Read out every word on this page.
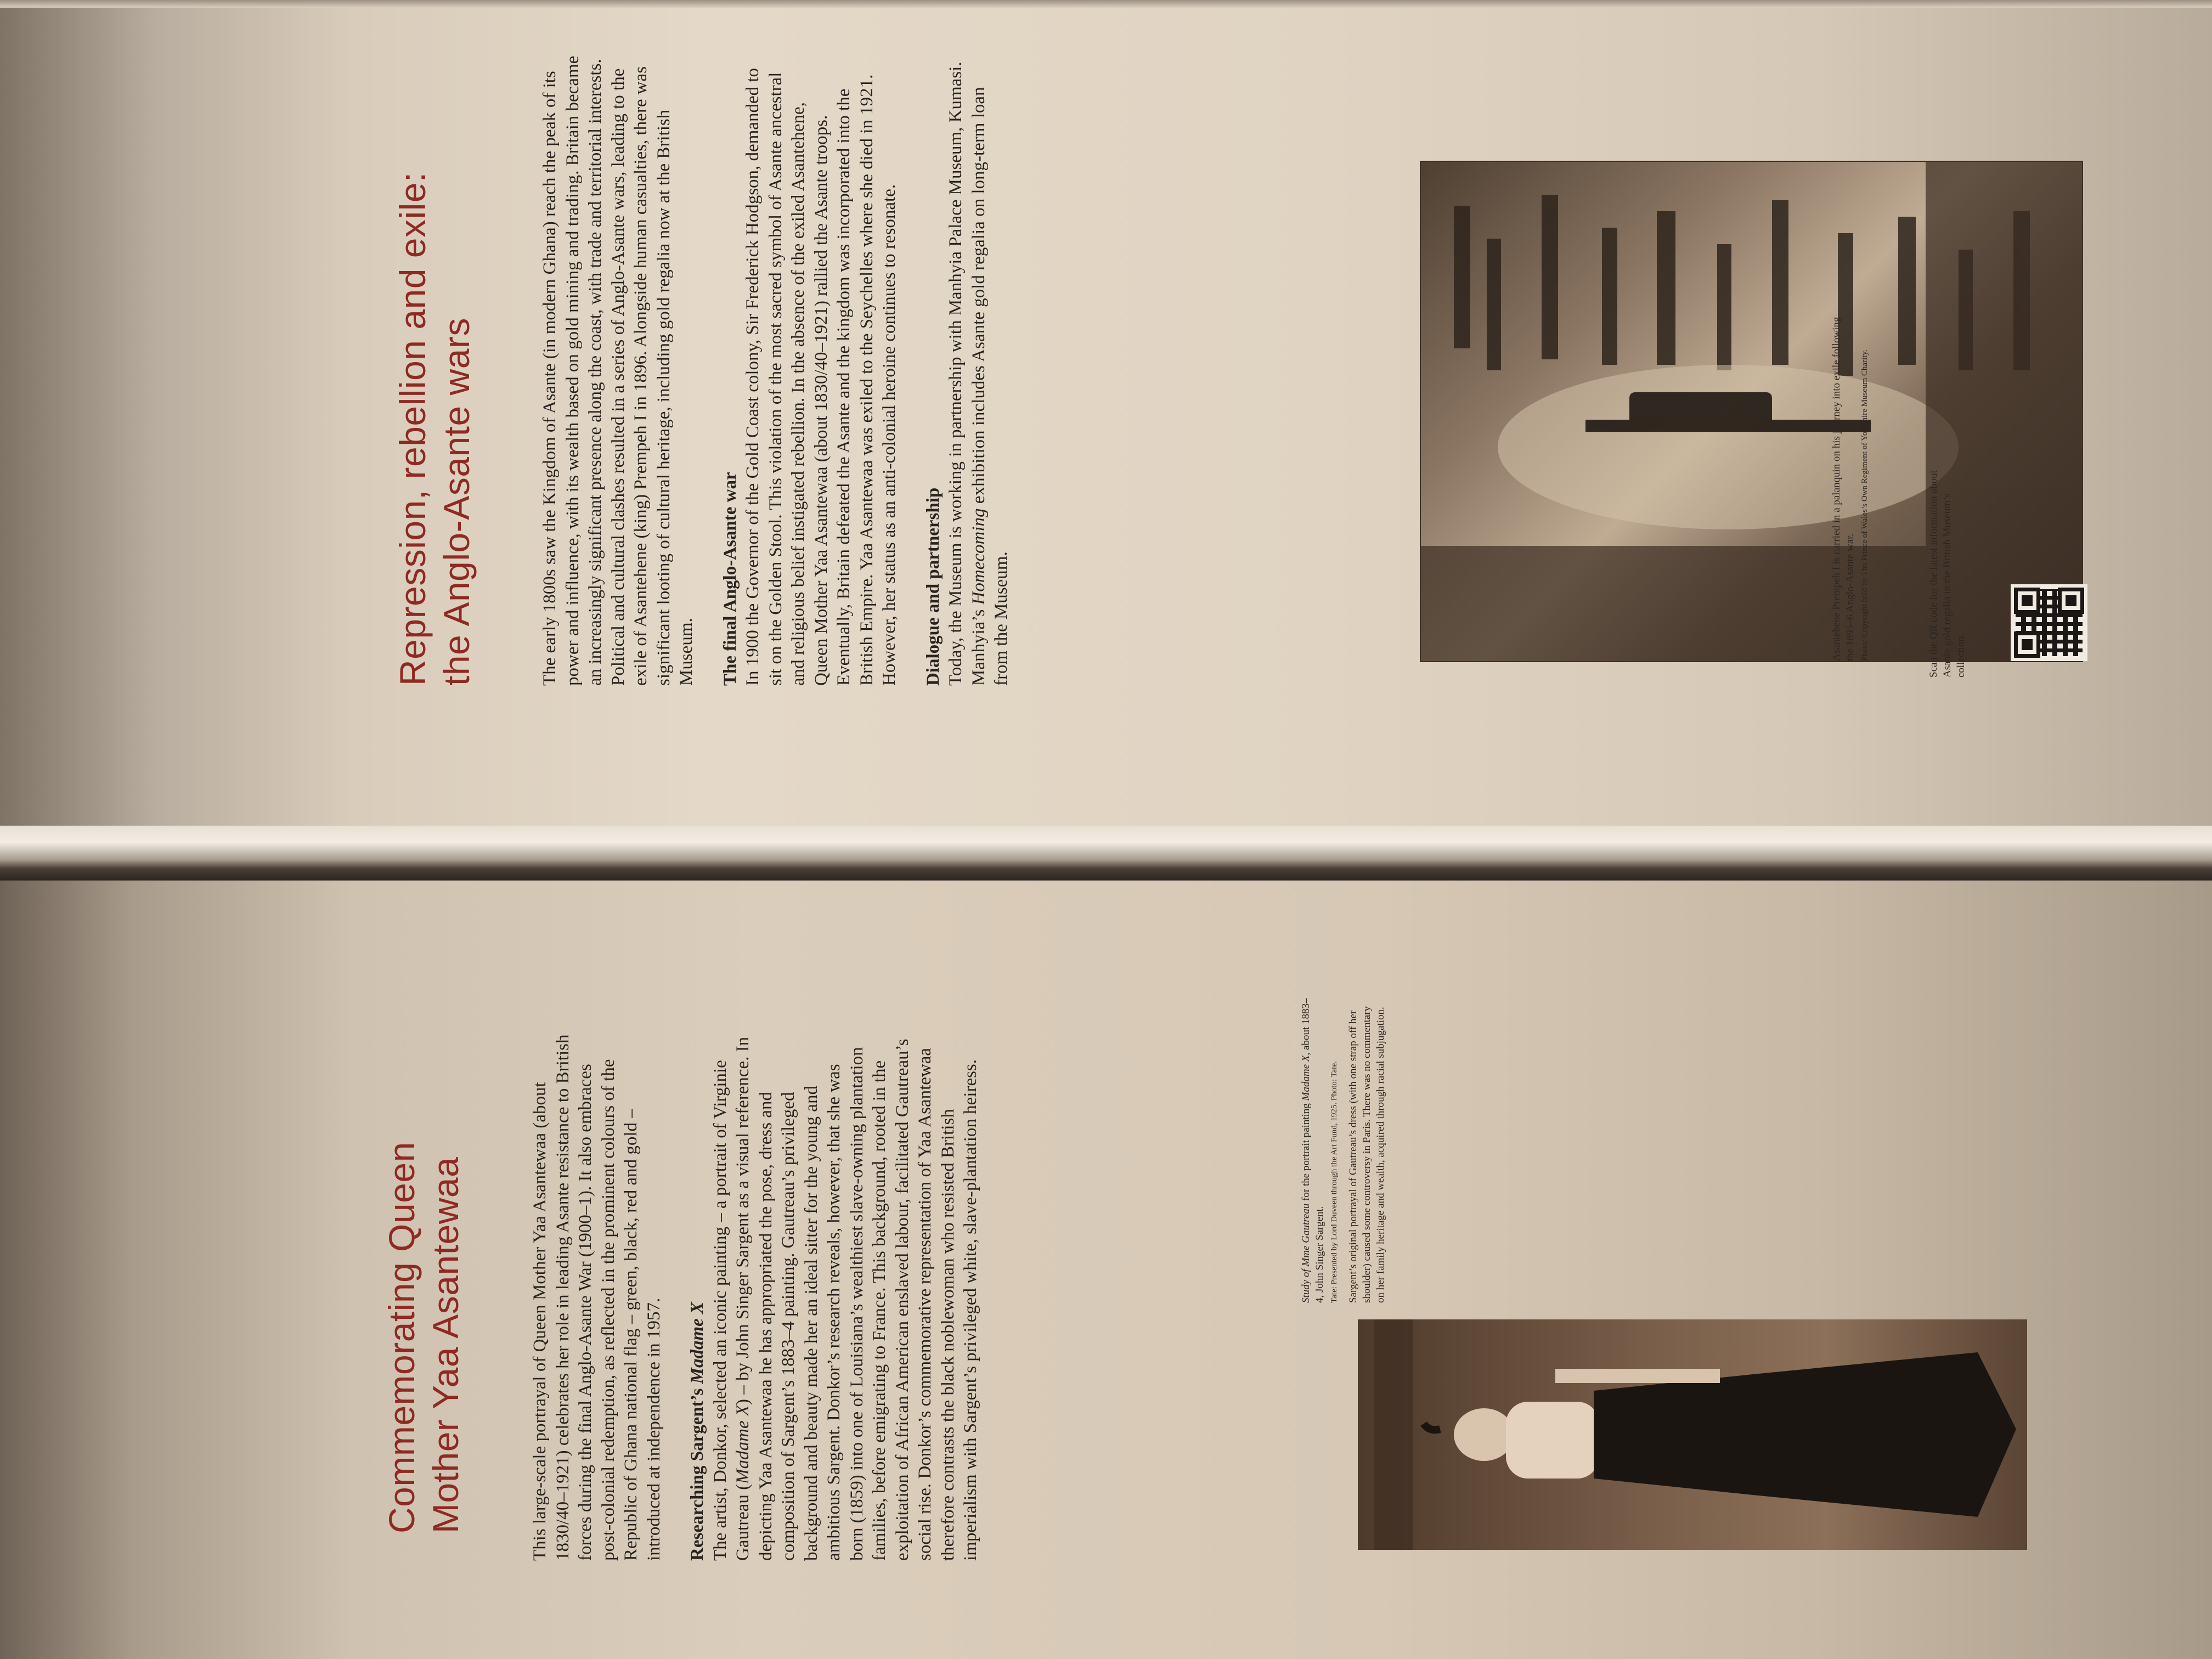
Repression, rebellion and exile: the Anglo-Asante wars	The early 1800s saw the Kingdom of Asante (in modern Ghana) reach the peak of its power and influence, with its wealth based on gold mining and trading. Britain became an increasingly significant presence along the coast, with trade and territorial interests. Political and cultural clashes resulted in a series of Anglo-Asante wars, leading to the exile of Asantehene (king) Prempeh I in 1896. Alongside human casualties, there was significant looting of cultural heritage, including gold regalia now at the British Museum. The final Anglo-Asante war In 1900 the Governor of the Gold Coast colony, Sir Frederick Hodgson, demanded to sit on the Golden Stool. This violation of the most sacred symbol of Asante ancestral and religious belief instigated rebellion. In the absence of the exiled Asantehene, Queen Mother Yaa Asantewaa (about 1830/40–1921) rallied the Asante troops. Eventually, Britain defeated the Asante and the kingdom was incorporated into the British Empire. Yaa Asantewaa was exiled to the Seychelles where she died in 1921. However, her status as an anti-colonial heroine continues to resonate. Dialogue and partnership Today, the Museum is working in partnership with Manhyia Palace Museum, Kumasi. Manhyia’s Homecoming exhibition includes Asante gold regalia on long-term loan from the Museum.	Asantehene Prempeh I is carried in a palanquin on his journey into exile following the 1895–6 Anglo-Asante war. Photo: Copyright held by The Prince of Wales’s Own Regiment of Yorkshire Museum Charity.	Scan the QR code for the latest information about Asante gold regalia in the British Museum’s collection.
Commemorating Queen Mother Yaa Asantewaa	This large-scale portrayal of Queen Mother Yaa Asantewaa (about 1830/40–1921) celebrates her role in leading Asante resistance to British forces during the final Anglo-Asante War (1900–1). It also embraces post-colonial redemption, as reflected in the prominent colours of the Republic of Ghana national flag – green, black, red and gold – introduced at independence in 1957. Researching Sargent’s Madame X The artist, Donkor, selected an iconic painting – a portrait of Virginie Gautreau (Madame X) – by John Singer Sargent as a visual reference. In depicting Yaa Asantewaa he has appropriated the pose, dress and composition of Sargent’s 1883–4 painting. Gautreau’s privileged background and beauty made her an ideal sitter for the young and ambitious Sargent. Donkor’s research reveals, however, that she was born (1859) into one of Louisiana’s wealthiest slave-owning plantation families, before emigrating to France. This background, rooted in the exploitation of African American enslaved labour, facilitated Gautreau’s social rise. Donkor’s commemorative representation of Yaa Asantewaa therefore contrasts the black noblewoman who resisted British imperialism with Sargent’s privileged white, slave-plantation heiress.	Study of Mme Gautreau for the portrait painting Madame X, about 1883–4, John Singer Sargent. Tate: Presented by Lord Duveen through the Art Fund, 1925. Photo: Tate. Sargent’s original portrayal of Gautreau’s dress (with one strap off her shoulder) caused some controversy in Paris. There was no commentary on her family heritage and wealth, acquired through racial subjugation.
